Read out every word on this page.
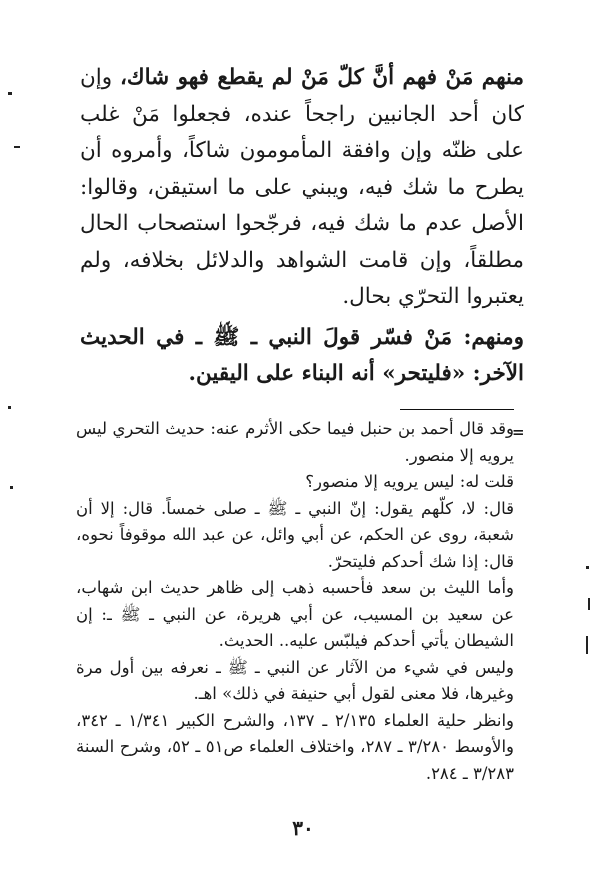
منهم مَنْ فهم أنَّ كلّ مَنْ لم يقطع فهو شاك، وإن كان أحد الجانبين راجحاً عنده، فجعلوا مَنْ غلب على ظنّه وإن وافقة المأمومون شاكاً، وأمروه أن يطرح ما شك فيه، ويبني على ما استيقن، وقالوا: الأصل عدم ما شك فيه، فرجّحوا استصحاب الحال مطلقاً، وإن قامت الشواهد والدلائل بخلافه، ولم يعتبروا التحرّي بحال.

ومنهم: مَنْ فسّر قولَ النبي ـ ﷺ ـ في الحديث الآخر: «فليتحر» أنه البناء على اليقين.

=

وقد قال أحمد بن حنبل فيما حكى الأثرم عنه: حديث التحري ليس يرويه إلا منصور.

قلت له: ليس يرويه إلا منصور؟

قال: لا، كلّهم يقول: إنّ النبي ـ ﷺ ـ صلى خمساً. قال: إلا أن شعبة، روى عن الحكم، عن أبي وائل، عن عبد الله موقوفاً نحوه، قال: إذا شك أحدكم فليتحرّ.

وأما الليث بن سعد فأحسبه ذهب إلى ظاهر حديث ابن شهاب، عن سعيد بن المسيب، عن أبي هريرة، عن النبي ـ ﷺ ـ: إن الشيطان يأتي أحدكم فيلبّس عليه.. الحديث.

وليس في شيء من الآثار عن النبي ـ ﷺ ـ نعرفه بين أول مرة وغيرها، فلا معنى لقول أبي حنيفة في ذلك» اهـ.

وانظر حلية العلماء ٢/١٣٥ ـ ١٣٧، والشرح الكبير ١/٣٤١ ـ ٣٤٢، والأوسط ٣/٢٨٠ ـ ٢٨٧، واختلاف العلماء ص٥١ ـ ٥٢، وشرح السنة ٣/٢٨٣ ـ ٢٨٤.

٣٠
